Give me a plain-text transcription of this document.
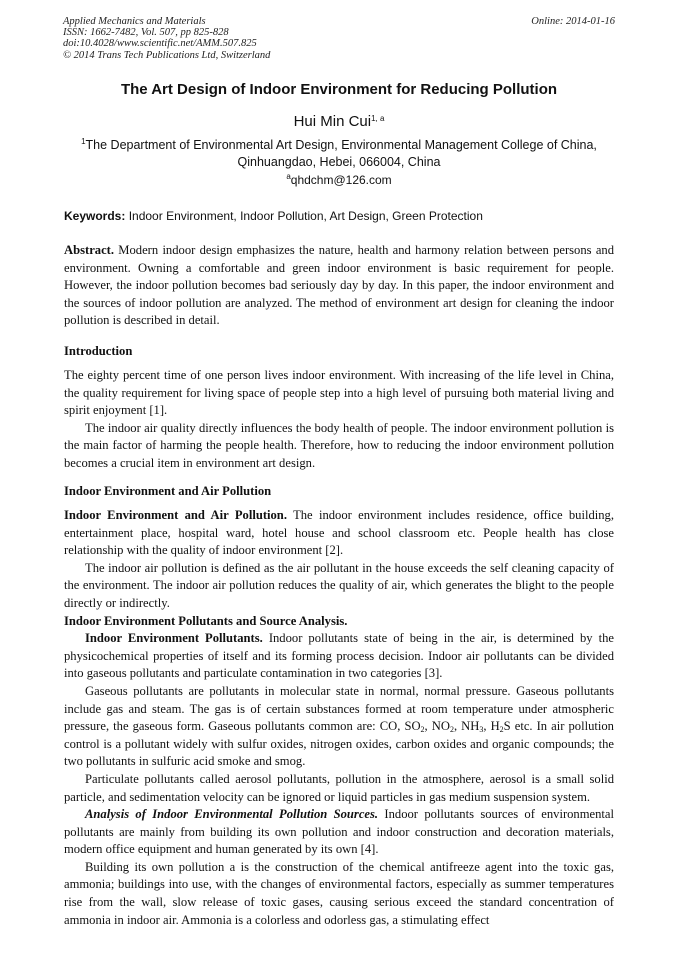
Applied Mechanics and Materials
ISSN: 1662-7482, Vol. 507, pp 825-828
doi:10.4028/www.scientific.net/AMM.507.825
© 2014 Trans Tech Publications Ltd, Switzerland
Online: 2014-01-16
The Art Design of Indoor Environment for Reducing Pollution
Hui Min Cui$^{1, a}$
$^1$The Department of Environmental Art Design, Environmental Management College of China,
Qinhuangdao, Hebei, 066004, China
$^a$qhdchm@126.com
Keywords: Indoor Environment, Indoor Pollution, Art Design, Green Protection

Abstract. Modern indoor design emphasizes the nature, health and harmony relation between persons and environment. Owning a comfortable and green indoor environment is basic requirement for people. However, the indoor pollution becomes bad seriously day by day. In this paper, the indoor environment and the sources of indoor pollution are analyzed. The method of environment art design for cleaning the indoor pollution is described in detail.

Introduction

The eighty percent time of one person lives indoor environment. With increasing of the life level in China, the quality requirement for living space of people step into a high level of pursuing both material living and spirit enjoyment [1].

The indoor air quality directly influences the body health of people. The indoor environment pollution is the main factor of harming the people health. Therefore, how to reducing the indoor environment pollution becomes a crucial item in environment art design.

Indoor Environment and Air Pollution

Indoor Environment and Air Pollution. The indoor environment includes residence, office building, entertainment place, hospital ward, hotel house and school classroom etc. People health has close relationship with the quality of indoor environment [2].

The indoor air pollution is defined as the air pollutant in the house exceeds the self cleaning capacity of the environment. The indoor air pollution reduces the quality of air, which generates the blight to the people directly or indirectly.

Indoor Environment Pollutants and Source Analysis.

Indoor Environment Pollutants. Indoor pollutants state of being in the air, is determined by the physicochemical properties of itself and its forming process decision. Indoor air pollutants can be divided into gaseous pollutants and particulate contamination in two categories [3].

Gaseous pollutants are pollutants in molecular state in normal, normal pressure. Gaseous pollutants include gas and steam. The gas is of certain substances formed at room temperature under atmospheric pressure, the gaseous form. Gaseous pollutants common are: CO, $SO_2$, $NO_2$, $NH_3$, $H_2S$ etc. In air pollution control is a pollutant widely with sulfur oxides, nitrogen oxides, carbon oxides and organic compounds; the two pollutants in sulfuric acid smoke and smog.

Particulate pollutants called aerosol pollutants, pollution in the atmosphere, aerosol is a small solid particle, and sedimentation velocity can be ignored or liquid particles in gas medium suspension system.

Analysis of Indoor Environmental Pollution Sources. Indoor pollutants sources of environmental pollutants are mainly from building its own pollution and indoor construction and decoration materials, modern office equipment and human generated by its own [4].

Building its own pollution a is the construction of the chemical antifreeze agent into the toxic gas, ammonia; buildings into use, with the changes of environmental factors, especially as summer temperatures rise from the wall, slow release of toxic gases, causing serious exceed the standard concentration of ammonia in indoor air. Ammonia is a colorless and odorless gas, a stimulating effect
